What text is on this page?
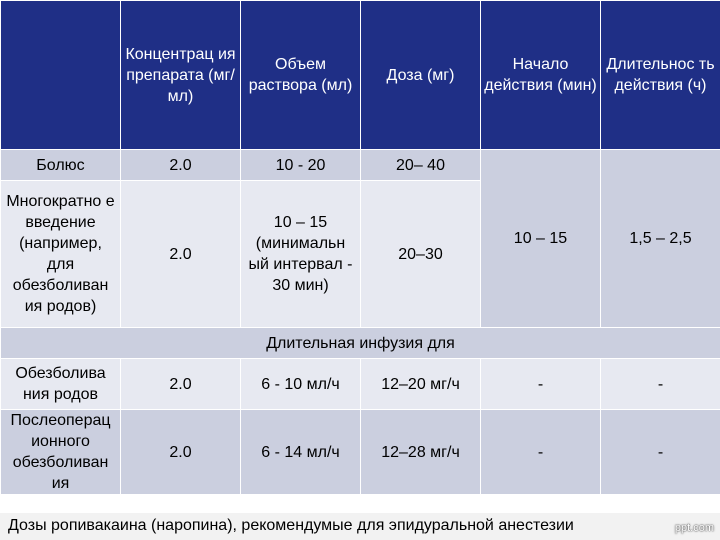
	Концентрац ия препарата (мг/мл)	Объем раствора (мл)	Доза (мг)	Начало действия (мин)	Длительнос ть действия (ч)
Болюс	2.0	10 - 20	20– 40	10 – 15	1,5 – 2,5
Многократно е введение (например, для обезболиван ия родов)	2.0	10 – 15 (минимальн ый интервал - 30 мин)	20–30		
Длительная инфузия для					
Обезболива ния родов	2.0	6 - 10 мл/ч	12–20 мг/ч	-	-
Послеоперац ионного обезболиван ия	2.0	6 - 14 мл/ч	12–28 мг/ч	-	-
Дозы ропивакаина (наропина), рекомендумые для эпидуральной анестезии	ppt.com
